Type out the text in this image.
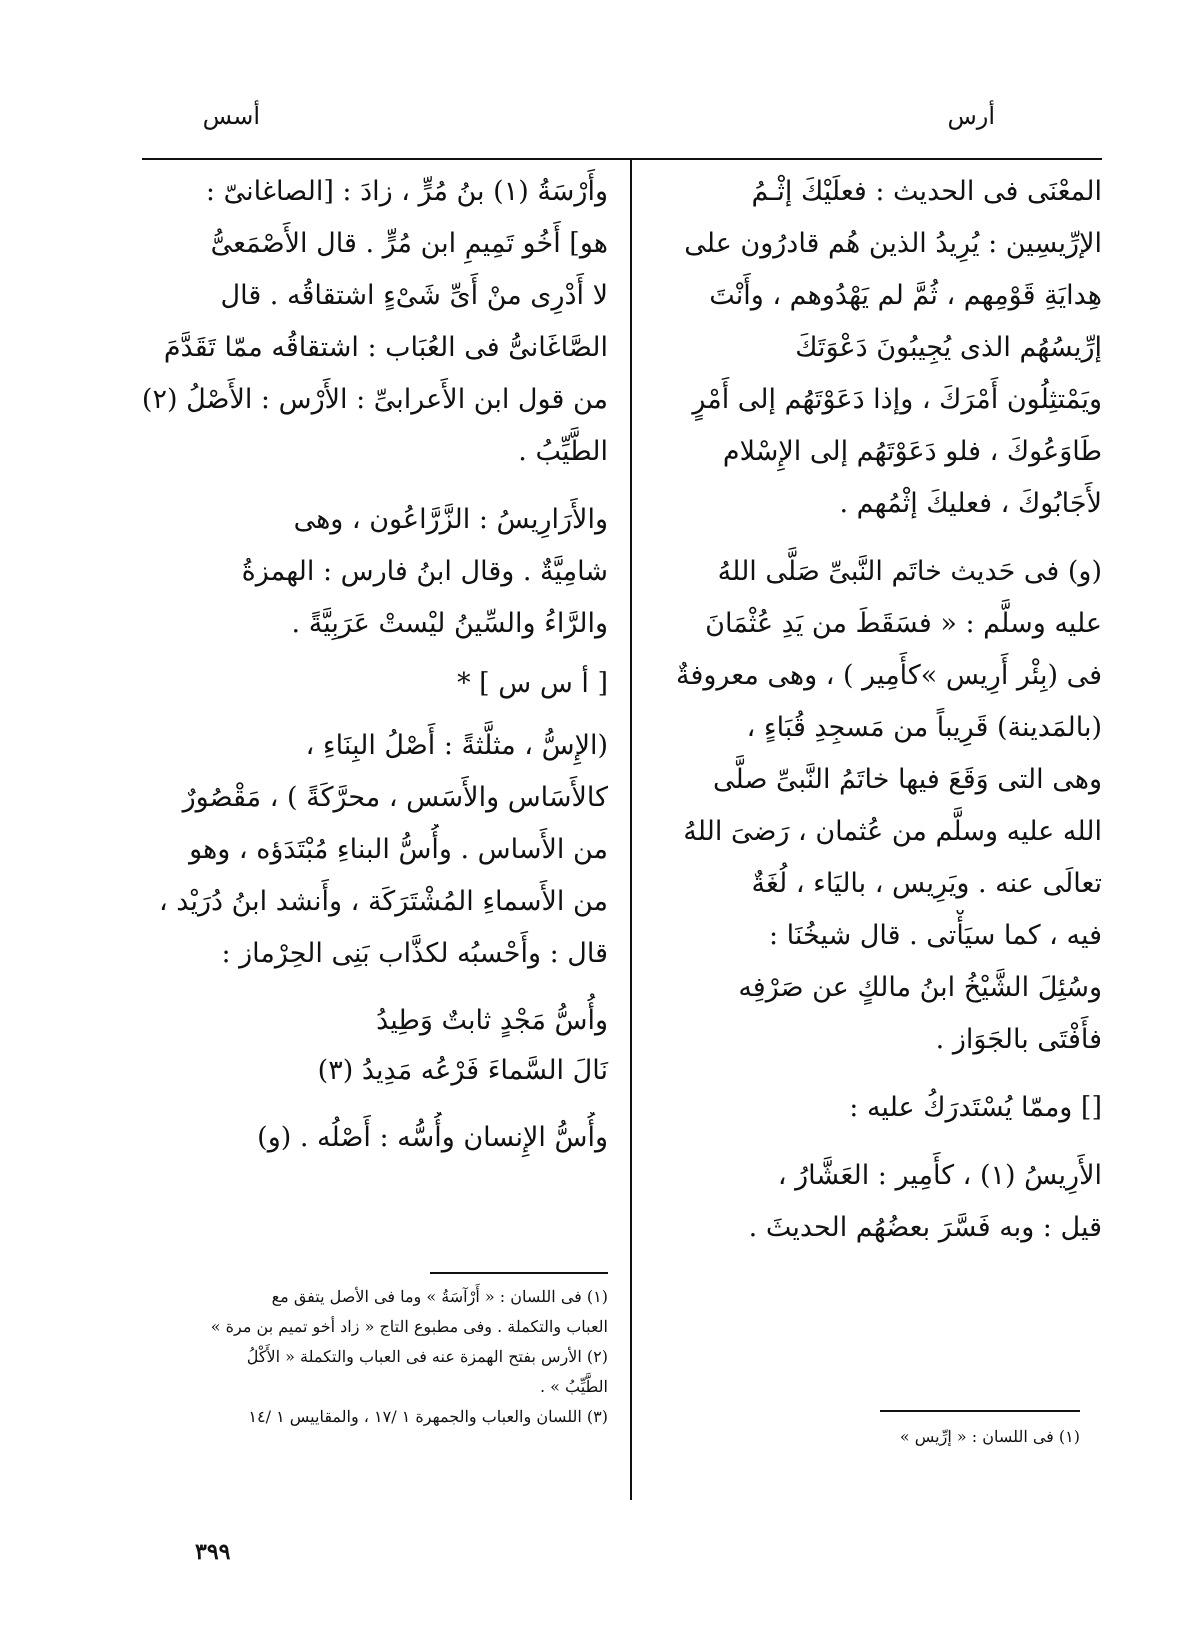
أرس
أسس
المعْنَى فى الحديث : فعلَيْكَ إثْـمُ
الإرِّيسِين : يُرِيدُ الذين هُم قادرُون على
هِدايَةِ قَوْمِهم ، ثُمَّ لم يَهْدُوهم ، وأَنْتَ
إرِّيسُهُم الذى يُجِيبُونَ دَعْوَتَكَ
ويَمْتثِلُون أَمْرَكَ ، وإذا دَعَوْتَهُم إلى أَمْرٍ
طَاوَعُوكَ ، فلو دَعَوْتَهُم إلى الإِسْلام
لأَجَابُوكَ ، فعليكَ إثْمُهم .
(و) فى حَديث خاتَم النَّبىِّ صَلَّى اللهُ
عليه وسلَّم : « فسَقَطَ من يَدِ عُثْمَانَ
فى (بِئْر أَرِيس »كأَمِير ) ، وهى معروفةٌ
(بالمَدينة) قَرِيباً من مَسجِدِ قُبَاءٍ ،
وهى التى وَقَعَ فيها خاتَمُ النَّبىِّ صلَّى
الله عليه وسلَّم من عُثمان ، رَضىَ اللهُ
تعالَى عنه . ويَرِيس ، باليَاء ، لُغَةٌ
فيه ، كما سيَأْتى . قال شيخُنَا :
وسُئِلَ الشَّيْخُ ابنُ مالكٍ عن صَرْفِه
فأَفْتَى بالجَوَاز .
[] وممّا يُسْتَدرَكُ عليه :
الأَرِيسُ (١) ، كأَمِير : العَشَّارُ ،
قيل : وبه فَسَّرَ بعضُهُم الحديثَ .
(١) فى اللسان : « إرِّيس »
وأَرْسَةُ (١) بنُ مُرٍّ ، زادَ : [الصاغانىّ :
هو] أَخُو تَمِيمِ ابن مُرٍّ . قال الأَصْمَعىُّ
لا أَدْرِى منْ أَىِّ شَىْءٍ اشتقاقُه . قال
الصَّاغَانىُّ فى العُبَاب : اشتقاقُه ممّا تَقَدَّمَ
من قول ابن الأَعرابىِّ : الأَرْس : الأَصْلُ (٢)
الطَّيِّبُ .
والأَرَارِيسُ : الزَّرَّاعُون ، وهى
شامِيَّةٌ . وقال ابنُ فارس : الهمزةُ
والرَّاءُ والسِّينُ ليْستْ عَرَبِيَّةً .
[ أ س س ] *
(الإِسُّ ، مثلَّثةً : أَصْلُ البِنَاءِ ،
كالأَسَاس والأَسَس ، محرَّكَةً ) ، مَقْصُورٌ
من الأَساس . وأُسُّ البناءِ مُبْتَدَؤه ، وهو
من الأَسماءِ المُشْتَرَكَة ، وأَنشد ابنُ دُرَيْد ،
قال : وأَحْسبُه لكذَّاب بَنِى الحِرْماز :
وأُسُّ مَجْدٍ ثابتٌ وَطِيدُ
نَالَ السَّماءَ فَرْعُه مَدِيدُ (٣)
وأُسُّ الإِنسان وأُسُّه : أَصْلُه . (و)
(١) فى اللسان : « أَرْآسَةُ » وما فى الأصل يتفق مع
العباب والتكملة . وفى مطبوع التاج « زاد أخو تميم بن مرة »
(٢) الأرس بفتح الهمزة عنه فى العباب والتكملة « الأَكْلُ
الطَّيِّبُ » .
(٣) اللسان والعباب والجمهرة ١ /١٧ ، والمقاييس ١ /١٤
٣٩٩
